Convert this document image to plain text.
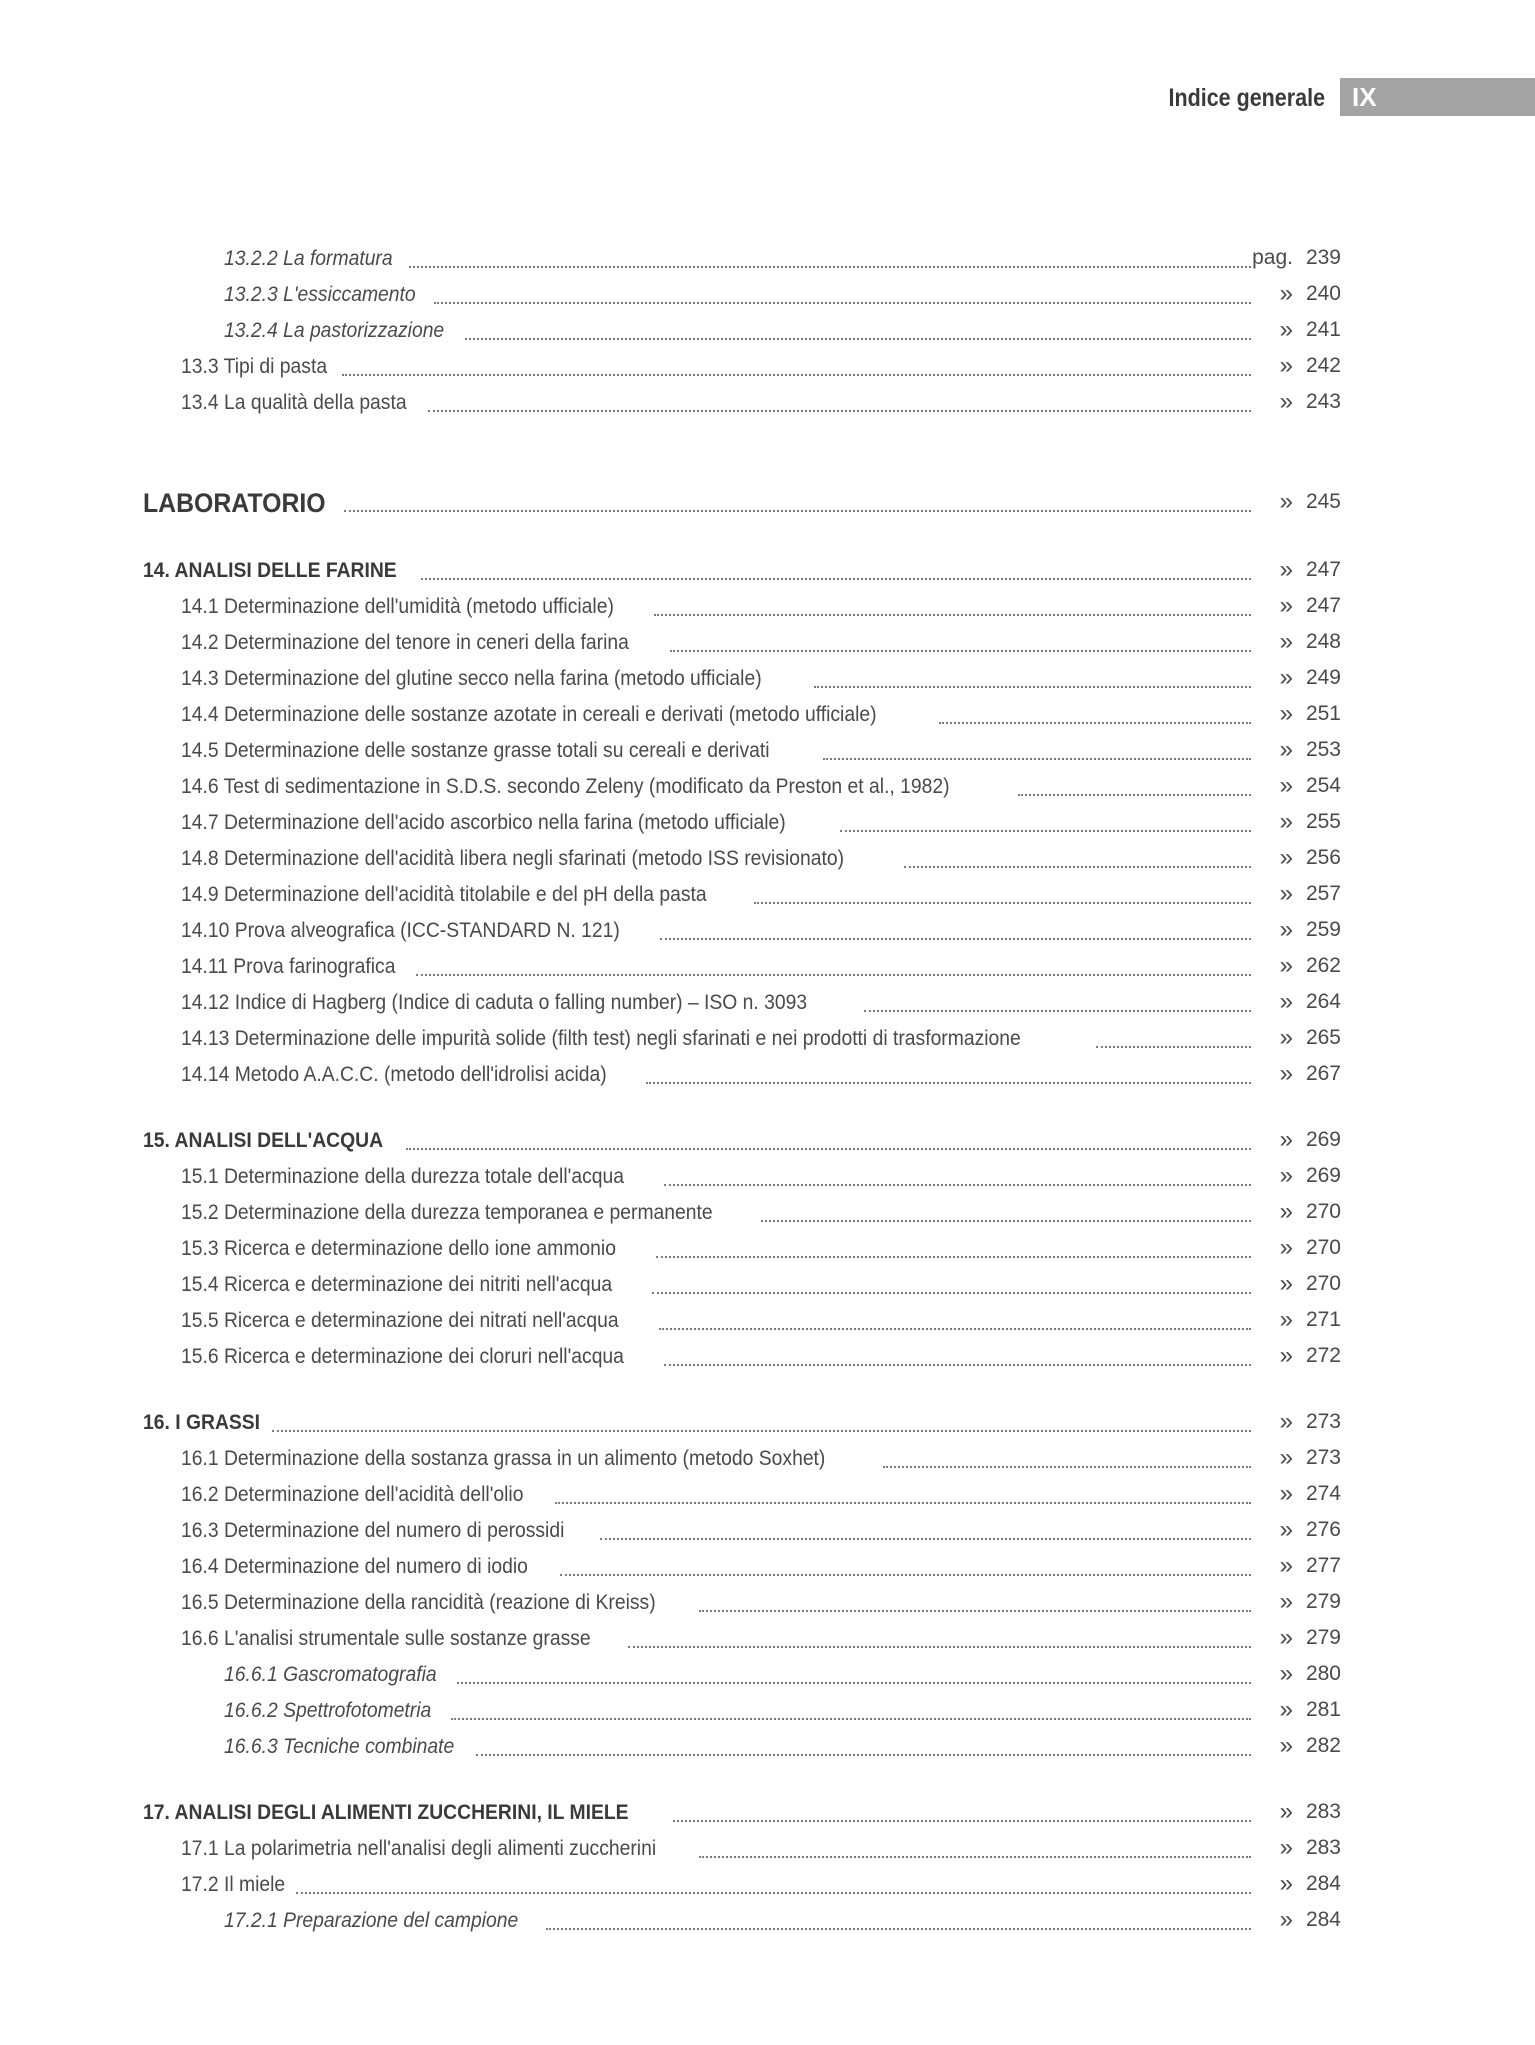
Indice generale IX
13.2.2 La formatura	pag. 239
13.2.3 L'essiccamento	» 240
13.2.4 La pastorizzazione	» 241
13.3 Tipi di pasta	» 242
13.4 La qualità della pasta	» 243
LABORATORIO	» 245
14. ANALISI DELLE FARINE	» 247
14.1 Determinazione dell'umidità (metodo ufficiale)	» 247
14.2 Determinazione del tenore in ceneri della farina	» 248
14.3 Determinazione del glutine secco nella farina (metodo ufficiale)	» 249
14.4 Determinazione delle sostanze azotate in cereali e derivati (metodo ufficiale)	» 251
14.5 Determinazione delle sostanze grasse totali su cereali e derivati	» 253
14.6 Test di sedimentazione in S.D.S. secondo Zeleny (modificato da Preston et al., 1982)	» 254
14.7 Determinazione dell'acido ascorbico nella farina (metodo ufficiale)	» 255
14.8 Determinazione dell'acidità libera negli sfarinati (metodo ISS revisionato)	» 256
14.9 Determinazione dell'acidità titolabile e del pH della pasta	» 257
14.10 Prova alveografica (ICC-STANDARD N. 121)	» 259
14.11 Prova farinografica	» 262
14.12 Indice di Hagberg (Indice di caduta o falling number) – ISO n. 3093	» 264
14.13 Determinazione delle impurità solide (filth test) negli sfarinati e nei prodotti di trasformazione	» 265
14.14 Metodo A.A.C.C. (metodo dell'idrolisi acida)	» 267
15. ANALISI DELL'ACQUA	» 269
15.1 Determinazione della durezza totale dell'acqua	» 269
15.2 Determinazione della durezza temporanea e permanente	» 270
15.3 Ricerca e determinazione dello ione ammonio	» 270
15.4 Ricerca e determinazione dei nitriti nell'acqua	» 270
15.5 Ricerca e determinazione dei nitrati nell'acqua	» 271
15.6 Ricerca e determinazione dei cloruri nell'acqua	» 272
16. I GRASSI	» 273
16.1 Determinazione della sostanza grassa in un alimento (metodo Soxhet)	» 273
16.2 Determinazione dell'acidità dell'olio	» 274
16.3 Determinazione del numero di perossidi	» 276
16.4 Determinazione del numero di iodio	» 277
16.5 Determinazione della rancidità (reazione di Kreiss)	» 279
16.6 L'analisi strumentale sulle sostanze grasse	» 279
16.6.1 Gascromatografia	» 280
16.6.2 Spettrofotometria	» 281
16.6.3 Tecniche combinate	» 282
17. ANALISI DEGLI ALIMENTI ZUCCHERINI, IL MIELE	» 283
17.1 La polarimetria nell'analisi degli alimenti zuccherini	» 283
17.2 Il miele	» 284
17.2.1 Preparazione del campione	» 284
